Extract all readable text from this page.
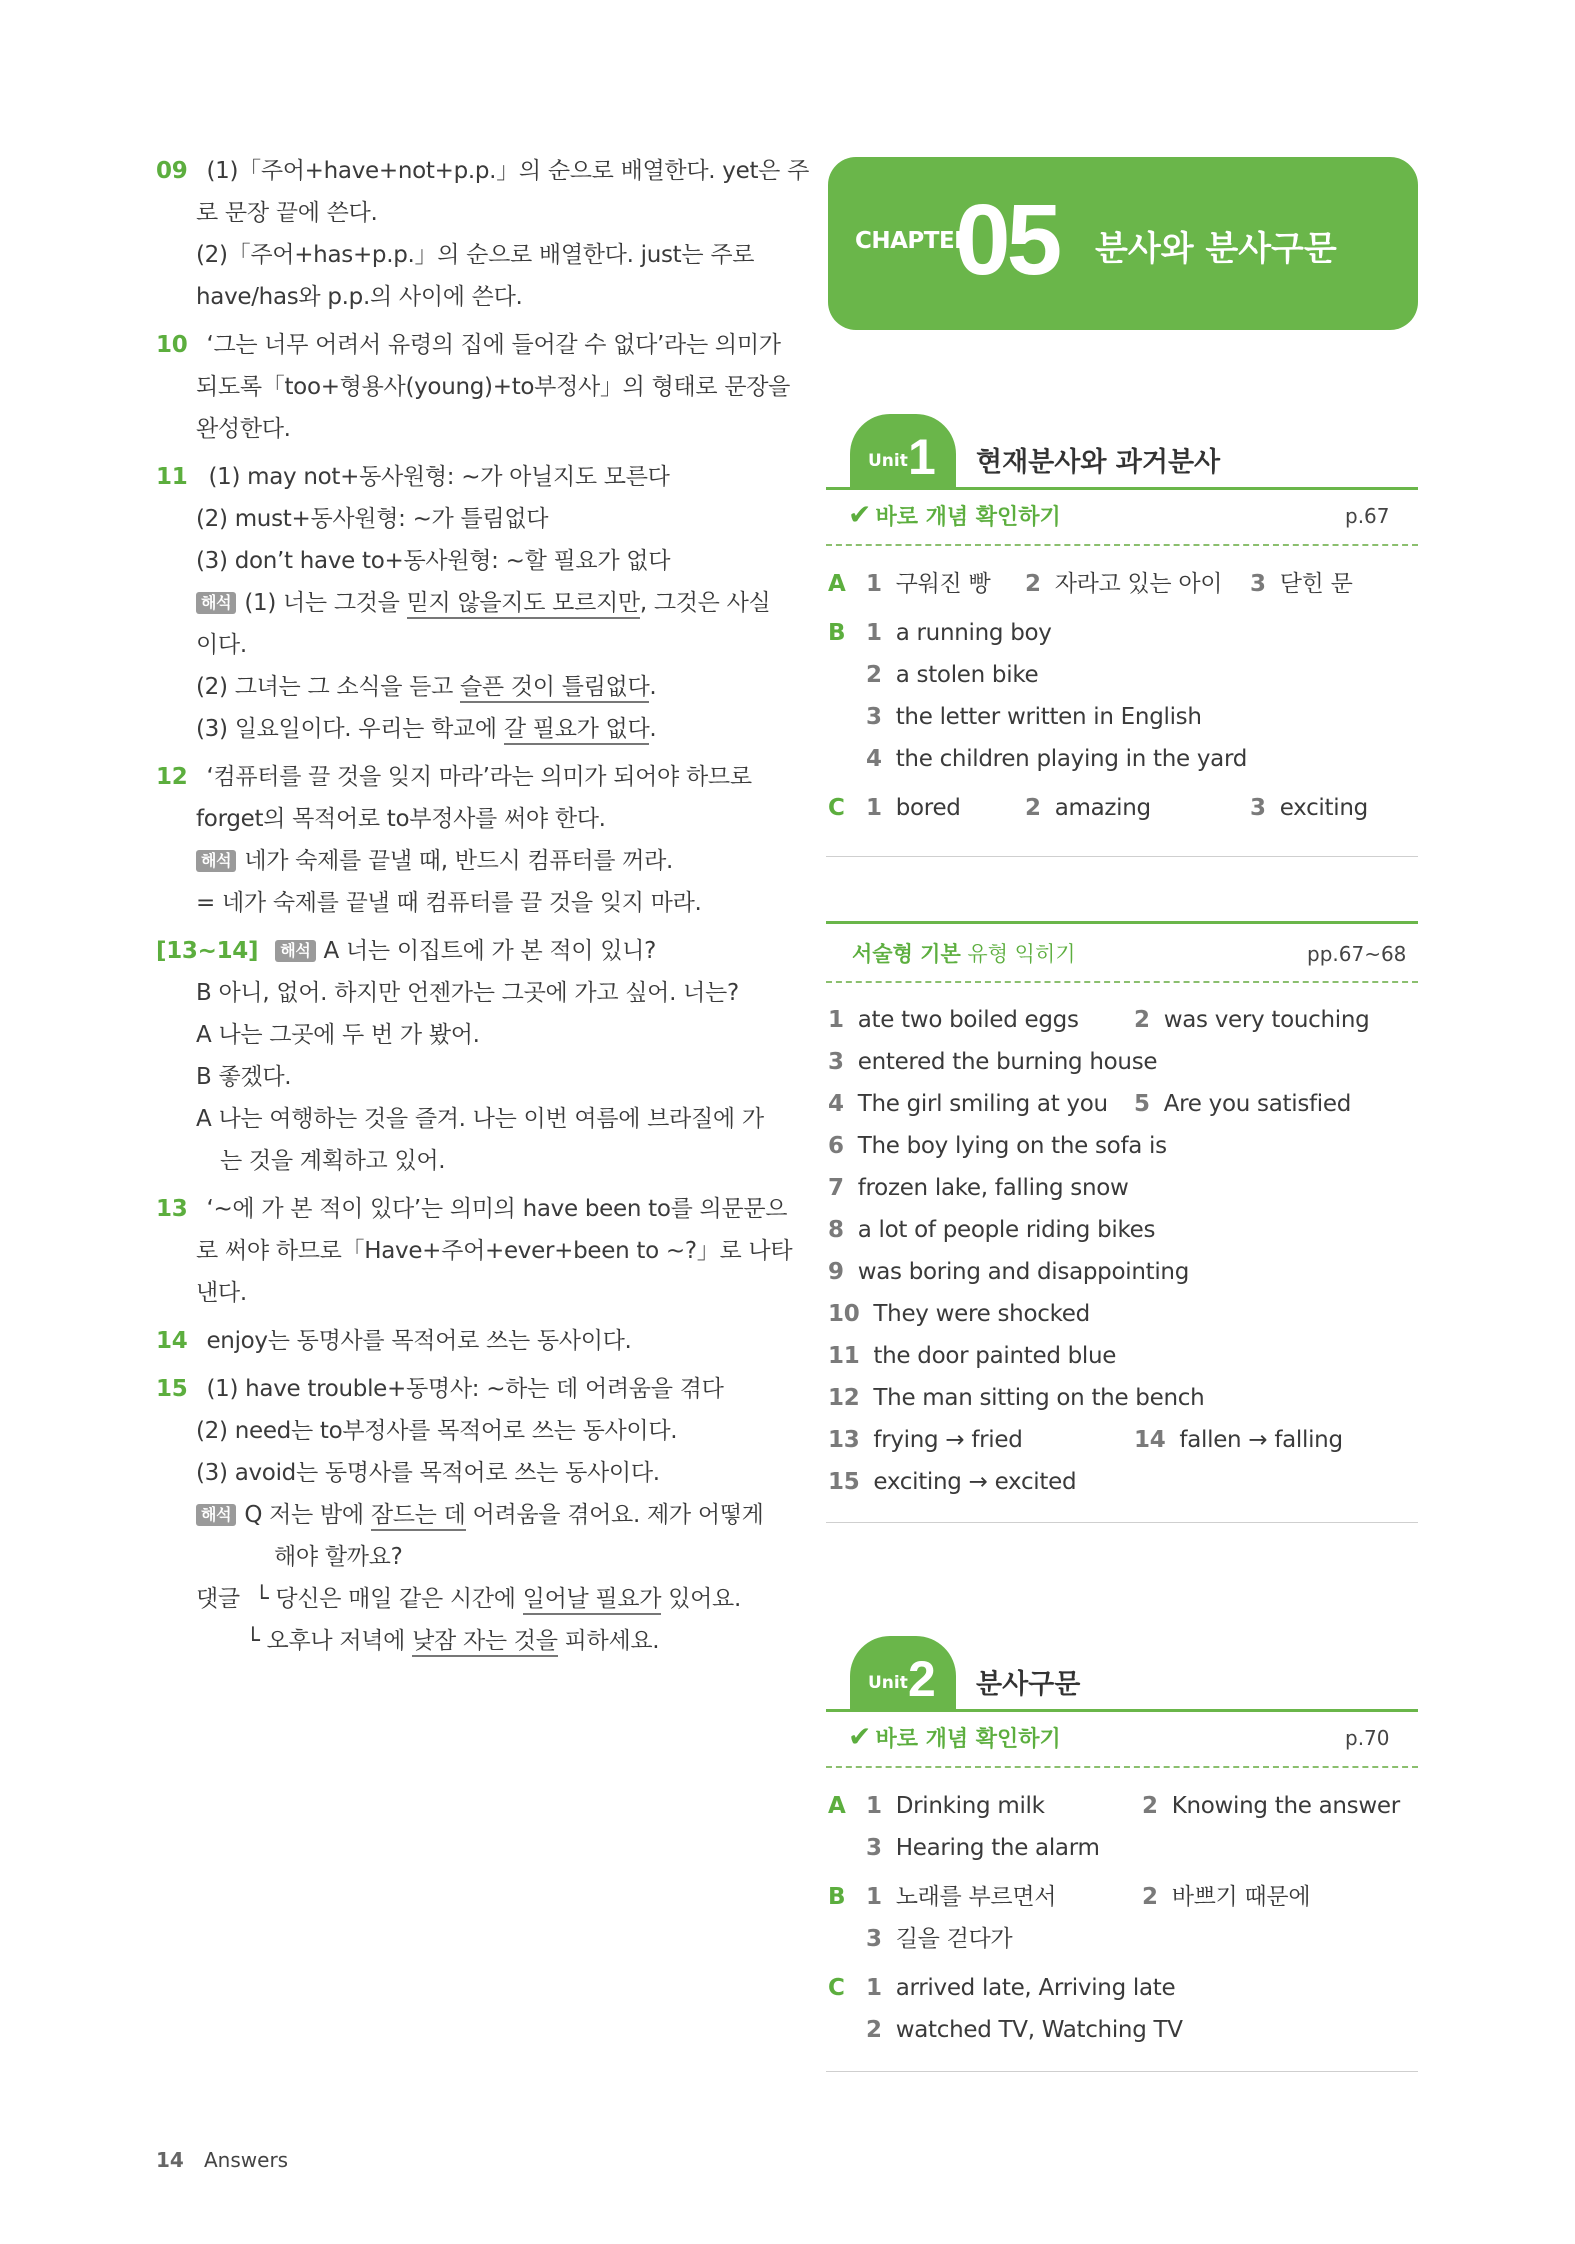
09 (1)「주어+have+not+p.p.」의 순으로 배열한다. yet은 주
로 문장 끝에 쓴다.
(2)「주어+has+p.p.」의 순으로 배열한다. just는 주로
have/has와 p.p.의 사이에 쓴다.
10 ‘그는 너무 어려서 유령의 집에 들어갈 수 없다’라는 의미가
되도록「too+형용사(young)+to부정사」의 형태로 문장을
완성한다.
11 (1) may not+동사원형: ~가 아닐지도 모른다
(2) must+동사원형: ~가 틀림없다
(3) don’t have to+동사원형: ~할 필요가 없다
해석 (1) 너는 그것을 믿지 않을지도 모르지만, 그것은 사실
이다.
(2) 그녀는 그 소식을 듣고 슬픈 것이 틀림없다.
(3) 일요일이다. 우리는 학교에 갈 필요가 없다.
12 ‘컴퓨터를 끌 것을 잊지 마라’라는 의미가 되어야 하므로
forget의 목적어로 to부정사를 써야 한다.
해석 네가 숙제를 끝낼 때, 반드시 컴퓨터를 꺼라.
= 네가 숙제를 끝낼 때 컴퓨터를 끌 것을 잊지 마라.
[13~14] 해석 A 너는 이집트에 가 본 적이 있니?
B 아니, 없어. 하지만 언젠가는 그곳에 가고 싶어. 너는?
A 나는 그곳에 두 번 가 봤어.
B 좋겠다.
A 나는 여행하는 것을 즐겨. 나는 이번 여름에 브라질에 가
는 것을 계획하고 있어.
13 ‘~에 가 본 적이 있다’는 의미의 have been to를 의문문으
로 써야 하므로「Have+주어+ever+been to ~?」로 나타
낸다.
14 enjoy는 동명사를 목적어로 쓰는 동사이다.
15 (1) have trouble+동명사: ~하는 데 어려움을 겪다
(2) need는 to부정사를 목적어로 쓰는 동사이다.
(3) avoid는 동명사를 목적어로 쓰는 동사이다.
해석 Q 저는 밤에 잠드는 데 어려움을 겪어요. 제가 어떻게
해야 할까요?
댓글 └ 당신은 매일 같은 시간에 일어날 필요가 있어요.
└ 오후나 저녁에 낮잠 자는 것을 피하세요.
CHAPTER
05 분사와 분사구문
Unit 1 현재분사와 과거분사
✔ 바로 개념 확인하기	p.67
A 1 구워진 빵 2 자라고 있는 아이 3 닫힌 문
B 1 a running boy
2 a stolen bike
3 the letter written in English
4 the children playing in the yard
C 1 bored	2 amazing	3 exciting
서술형 기본 유형 익히기	pp.67~68
1 ate two boiled eggs 2 was very touching
3 entered the burning house
4 The girl smiling at you 5 Are you satisfied
6 The boy lying on the sofa is
7 frozen lake, falling snow
8 a lot of people riding bikes
9 was boring and disappointing
10 They were shocked
11 the door painted blue
12 The man sitting on the bench
13 frying → fried	14 fallen → falling
15 exciting → excited
Unit 2 분사구문
✔ 바로 개념 확인하기	p.70
A 1 Drinking milk	2 Knowing the answer
3 Hearing the alarm
B 1 노래를 부르면서	2 바쁘기 때문에
3 길을 걷다가
C 1 arrived late, Arriving late
2 watched TV, Watching TV
14 Answers
